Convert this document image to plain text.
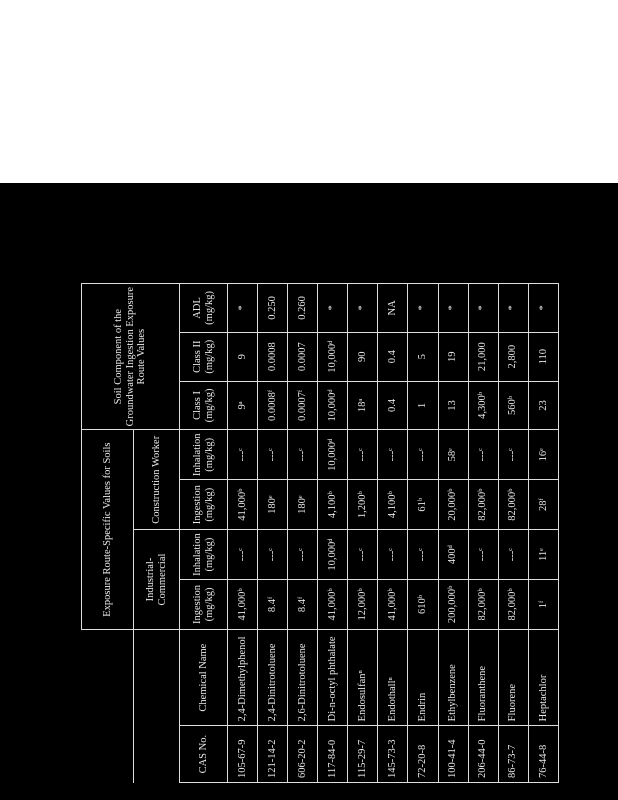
		Exposure Route-Specific Values for Soils				Soil Component of the Groundwater Ingestion Exposure Route Values		
		Industrial-Commercial		Construction Worker				
CAS No.	Chemical Name	Ingestion (mg/kg)	Inhalation (mg/kg)	Ingestion (mg/kg)	Inhalation (mg/kg)	Class I (mg/kg)	Class II (mg/kg)	ADL (mg/kg)
105-67-9	2,4-Dimethylphenol	41,000ᵇ	---ᶜ	41,000ᵇ	---ᶜ	9ᵃ	9	*
121-14-2	2,4-Dinitrotoluene	8.4ᶠ	---ᶜ	180ᵉ	---ᶜ	0.0008ᶠ	0.0008	0.250
606-20-2	2,6-Dinitrotoluene	8.4ᶠ	---ᶜ	180ᵉ	---ᶜ	0.0007ᶠ	0.0007	0.260
117-84-0	Di-n-octyl phthalate	41,000ᵇ	10,000ᵈ	4,100ᵇ	10,000ᵈ	10,000ᵈ	10,000ᵈ	*
115-29-7	Endosulfanⁿ	12,000ᵇ	---ᶜ	1,200ᵇ	---ᶜ	18ᵃ	90	*
145-73-3	Endothallⁿ	41,000ᵇ	---ᶜ	4,100ᵇ	---ᶜ	0.4	0.4	NA
72-20-8	Endrin	610ᵇ	---ᶜ	61ᵇ	---ᶜ	1	5	*
100-41-4	Ethylbenzene	200,000ᵇ	400ᵈ	20,000ᵇ	58ᵉ	13	19	*
206-44-0	Fluoranthene	82,000ᵇ	---ᶜ	82,000ᵇ	---ᶜ	4,300ᵇ	21,000	*
86-73-7	Fluorene	82,000ᵇ	---ᶜ	82,000ᵇ	---ᶜ	560ᵇ	2,800	*
76-44-8	Heptachlor	1ᶠ	11ᵉ	28ᶠ	16ᵉ	23	110	*
